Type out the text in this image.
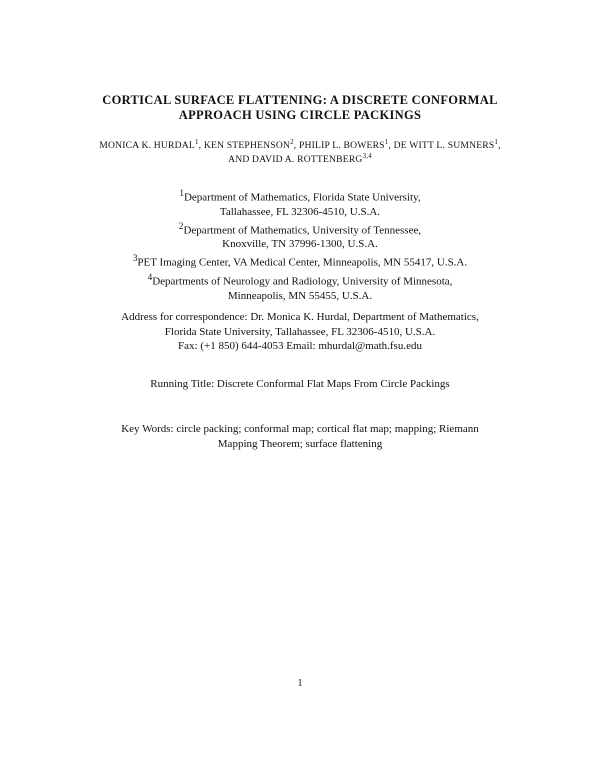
CORTICAL SURFACE FLATTENING: A DISCRETE CONFORMAL
APPROACH USING CIRCLE PACKINGS
MONICA K. HURDAL$^1$, KEN STEPHENSON$^2$, PHILIP L. BOWERS$^1$, DE WITT L. SUMNERS$^1$,
AND DAVID A. ROTTENBERG$^{3,4}$
$^1$Department of Mathematics, Florida State University,
Tallahassee, FL 32306-4510, U.S.A.
$^2$Department of Mathematics, University of Tennessee,
Knoxville, TN 37996-1300, U.S.A.
$^3$PET Imaging Center, VA Medical Center, Minneapolis, MN 55417, U.S.A.
$^4$Departments of Neurology and Radiology, University of Minnesota,
Minneapolis, MN 55455, U.S.A.
Address for correspondence: Dr. Monica K. Hurdal, Department of Mathematics,
Florida State University, Tallahassee, FL 32306-4510, U.S.A.
Fax: (+1 850) 644-4053 Email: mhurdal@math.fsu.edu
Running Title: Discrete Conformal Flat Maps From Circle Packings
Key Words: circle packing; conformal map; cortical flat map; mapping; Riemann
Mapping Theorem; surface flattening
1
